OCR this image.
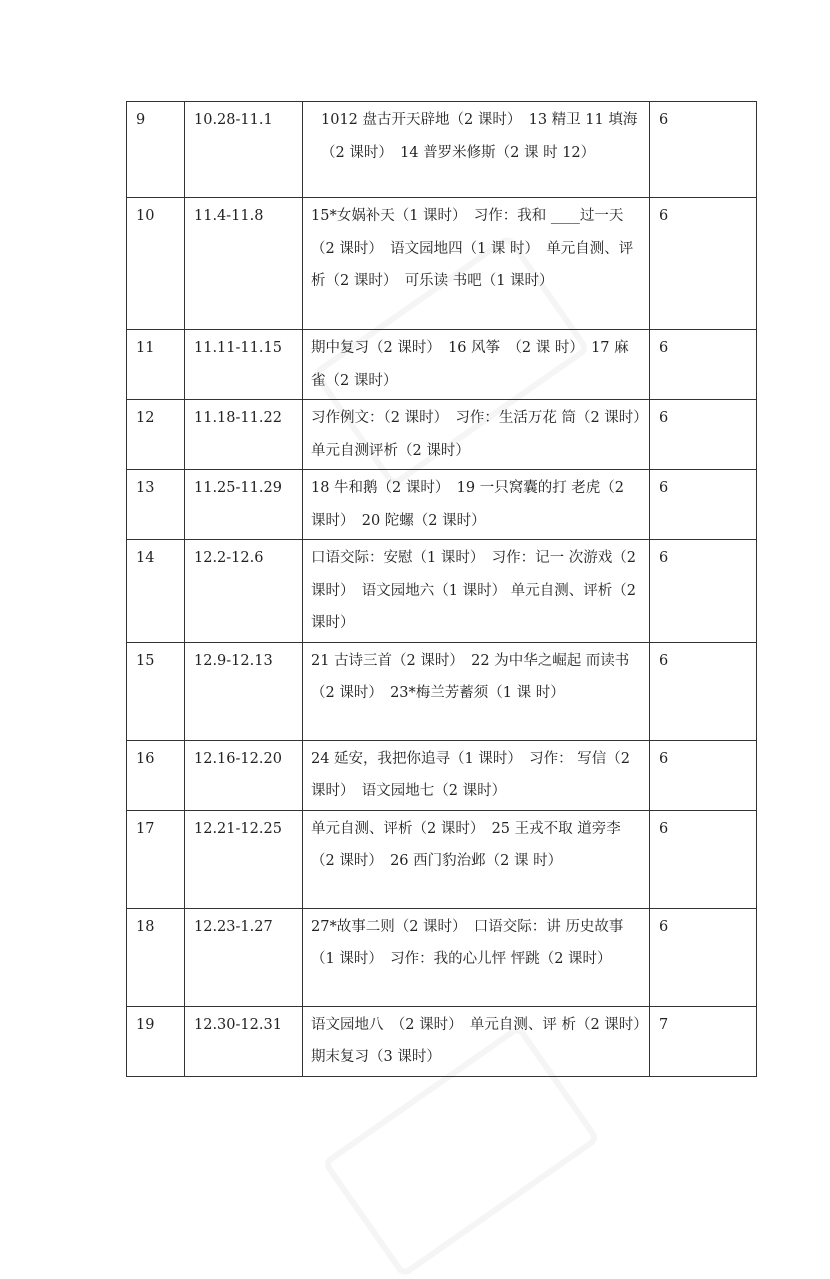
9	10.28-11.1	1012 盘古开天辟地（2 课时）　13 精卫 11 填海（2 课时）　14 普罗米修斯（2 课 时 12）	6
10	11.4-11.8	15*女娲补天（1 课时）　习作：我和 ____过一天（2 课时）　语文园地四（1 课 时）　单元自测、评析（2 课时）　可乐读 书吧（1 课时）	6
11	11.11-11.15	期中复习（2 课时）　16 风筝　（2 课 时）　17 麻雀（2 课时）	6
12	11.18-11.22	习作例文：（2 课时）　习作：生活万花 筒（2 课时）　单元自测评析（2 课时）	6
13	11.25-11.29	18 牛和鹅（2 课时）　19 一只窝囊的打 老虎（2 课时）　20 陀螺（2 课时）	6
14	12.2-12.6	口语交际：安慰（1 课时）　习作：记一 次游戏（2 课时）　语文园地六（1 课时） 单元自测、评析（2 课时）	6
15	12.9-12.13	21 古诗三首（2 课时）　22 为中华之崛起 而读书（2 课时）　23*梅兰芳蓄须（1 课 时）	6
16	12.16-12.20	24 延安，我把你追寻（1 课时）　习作： 写信（2 课时）　语文园地七（2 课时）	6
17	12.21-12.25	单元自测、评析（2 课时）　25 王戎不取 道旁李（2 课时）　26 西门豹治邺（2 课 时）	6
18	12.23-1.27	27*故事二则（2 课时）　口语交际：讲 历史故事（1 课时）　习作：我的心儿怦 怦跳（2 课时）	6
19	12.30-12.31	语文园地八　（2 课时）　单元自测、评 析（2 课时）　期末复习（3 课时）	7
